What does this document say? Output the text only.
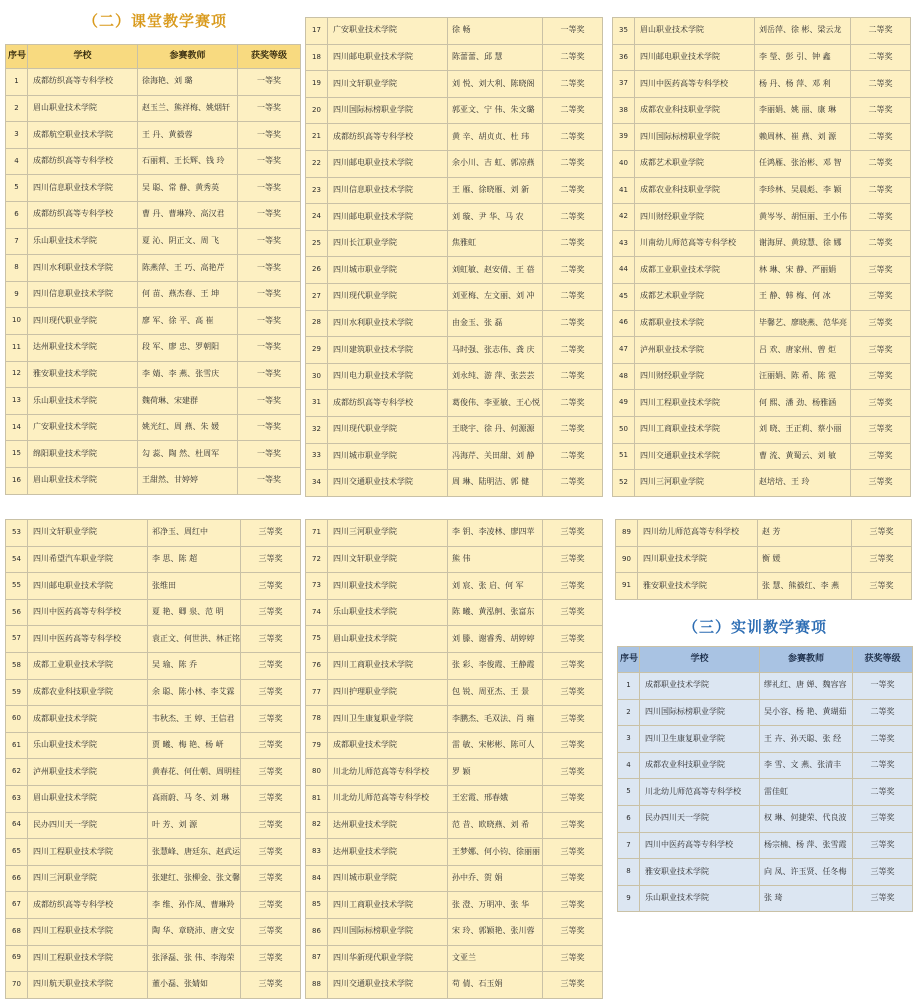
（二）课堂教学赛项
（三）实训教学赛项
序号	学校	参赛教师	获奖等级
1	成都纺织高等专科学校	徐海艳、刘 璐	一等奖
2	眉山职业技术学院	赵玉兰、熊祥梅、姚烟轩	一等奖
3	成都航空职业技术学院	王 丹、黄毅蓉	一等奖
4	成都纺织高等专科学校	石丽莉、王长辉、钱 玲	一等奖
5	四川信息职业技术学院	吴 聪、常 静、黄秀英	一等奖
6	成都纺织高等专科学校	曹 丹、曹琳羚、高汉君	一等奖
7	乐山职业技术学院	夏 沁、阴正文、周 飞	一等奖
8	四川水利职业技术学院	陈燕萍、王 巧、高艳芹	一等奖
9	四川信息职业技术学院	何 苗、燕杰春、王 坤	一等奖
10	四川现代职业学院	廖 军、徐 平、高 崔	一等奖
11	达州职业技术学院	段 军、廖 忠、罗朝阳	一等奖
12	雅安职业技术学院	李 婧、李 燕、张雪庆	一等奖
13	乐山职业技术学院	魏荷琳、宋建群	一等奖
14	广安职业技术学院	姚光红、周 燕、朱 媛	一等奖
15	绵阳职业技术学院	勾 蕊、陶 然、杜周军	一等奖
16	眉山职业技术学院	王甜然、甘婷婷	一等奖
17	广安职业技术学院	徐 畅	一等奖
18	四川邮电职业技术学院	陈蕾蕾、邱 慧	二等奖
19	四川文轩职业学院	刘 悦、刘大利、陈晓阁	二等奖
20	四川国际标榜职业学院	郭亚文、宁 伟、朱文璐	二等奖
21	成都纺织高等专科学校	黄 辛、胡贞贞、杜 玮	二等奖
22	四川邮电职业技术学院	余小川、吉 虹、郭凉燕	二等奖
23	四川信息职业技术学院	王 雁、徐晓雁、刘 新	二等奖
24	四川邮电职业技术学院	刘 璇、尹 华、马 农	二等奖
25	四川长江职业学院	焦雅虹	二等奖
26	四川城市职业学院	刘虹敏、赵安倩、王 蓓	二等奖
27	四川现代职业学院	刘亚梅、左文丽、刘 冲	二等奖
28	四川水利职业技术学院	由金玉、张 磊	二等奖
29	四川建筑职业技术学院	马时强、张志伟、龚 庆	二等奖
30	四川电力职业技术学院	刘永纯、游 萍、张芸芸	二等奖
31	成都纺织高等专科学校	葛俊伟、李亚敏、王心悦	二等奖
32	四川现代职业学院	王晓宇、徐 丹、何源源	二等奖
33	四川城市职业学院	冯海芹、关田甜、刘 静	二等奖
34	四川交通职业技术学院	周 琳、陆明洁、郭 健	二等奖
35	眉山职业技术学院	刘岳萍、徐 彬、梁云龙	二等奖
36	四川邮电职业技术学院	李 瑩、彭 引、钟 鑫	二等奖
37	四川中医药高等专科学校	杨 丹、杨 萍、邓 利	二等奖
38	成都农业科技职业学院	李丽娟、姚 丽、康 琳	二等奖
39	四川国际标榜职业学院	赖周林、崔 燕、刘 源	二等奖
40	成都艺术职业学院	任鸿雁、张治彬、邓 智	二等奖
41	成都农业科技职业学院	李珍林、吴晨彪、李 颖	二等奖
42	四川财经职业学院	黄岑岑、胡恒丽、王小伟	二等奖
43	川南幼儿师范高等专科学校	谢海屏、黄琼慧、徐 娜	二等奖
44	成都工业职业技术学院	林 琳、宋 静、严丽娟	三等奖
45	成都艺术职业学院	王 静、韩 梅、何 冰	三等奖
46	成都职业技术学院	毕馨艺、廖晓燕、范华亮	三等奖
47	泸州职业技术学院	吕 欢、唐家州、曾 炬	三等奖
48	四川财经职业学院	汪丽娟、陈 希、陈 霓	三等奖
49	四川工程职业技术学院	何 熙、潘 劲、杨雅涵	三等奖
50	四川工商职业技术学院	刘 晓、王正莉、蔡小丽	三等奖
51	四川交通职业技术学院	曹 流、黄蜀云、刘 敏	三等奖
52	四川三河职业学院	赵培培、王 玲	三等奖
53	四川文轩职业学院	祁净玉、周红中	三等奖
54	四川希望汽车职业学院	李 思、陈 超	三等奖
55	四川邮电职业技术学院	张维田	三等奖
56	四川中医药高等专科学校	夏 艳、卿 泉、范 明	三等奖
57	四川中医药高等专科学校	袁正文、何世洪、林正铭	三等奖
58	成都工业职业技术学院	吴 瑜、陈 乔	三等奖
59	成都农业科技职业学院	余 聪、陈小林、李艾霖	三等奖
60	成都职业技术学院	韦秋杰、王 婷、王信君	三等奖
61	乐山职业技术学院	贾 曦、梅 艳、杨 岍	三等奖
62	泸州职业技术学院	黄春花、何仕朝、周明桂	三等奖
63	眉山职业技术学院	高雨蔚、马 冬、刘 琳	三等奖
64	民办四川天一学院	叶 芳、刘 源	三等奖
65	四川工程职业技术学院	张慧峰、唐廷东、赵武运	三等奖
66	四川三河职业学院	张建红、张柳金、张文馨	三等奖
67	成都纺织高等专科学校	李 维、孙作凤、曹琳羚	三等奖
68	四川工程职业技术学院	陶 华、章晓沛、唐文安	三等奖
69	四川工程职业技术学院	张泽磊、张 伟、李海荣	三等奖
70	四川航天职业技术学院	董小磊、张婧如	三等奖
71	四川三河职业学院	李 钥、李凌林、廖四苹	三等奖
72	四川文轩职业学院	熊 伟	三等奖
73	四川职业技术学院	刘 宸、张 启、何 军	三等奖
74	乐山职业技术学院	陈 曦、黄泓舸、张富东	三等奖
75	眉山职业技术学院	刘 滕、谢睿秀、胡婷婷	三等奖
76	四川工商职业技术学院	张 彩、李俊霞、王静霞	三等奖
77	四川护理职业学院	包 锐、周亚杰、王 景	三等奖
78	四川卫生康复职业学院	李鹏杰、毛双法、肖 雍	三等奖
79	成都职业技术学院	雷 敏、宋彬彬、陈可人	三等奖
80	川北幼儿师范高等专科学校	罗 颖	三等奖
81	川北幼儿师范高等专科学校	王宏霞、邢春娥	三等奖
82	达州职业技术学院	范 昔、欧晓燕、刘 希	三等奖
83	达州职业技术学院	王梦娜、何小钧、徐丽丽	三等奖
84	四川城市职业学院	孙中乔、贺 娟	三等奖
85	四川工商职业技术学院	张 澄、万明冲、张 华	三等奖
86	四川国际标榜职业学院	宋 玲、郭颖艳、张川蓉	三等奖
87	四川华新现代职业学院	文亚兰	三等奖
88	四川交通职业技术学院	苟 倩、石玉娟	三等奖
89	四川幼儿师范高等专科学校	赵 芳	三等奖
90	四川职业技术学院	衡 媛	三等奖
91	雅安职业技术学院	张 慧、熊毅红、李 燕	三等奖
序号	学校	参赛教师	获奖等级
1	成都职业技术学院	缪礼红、唐 婵、魏容容	一等奖
2	四川国际标榜职业学院	吴小容、杨 艳、黄瑚茹	二等奖
3	四川卫生康复职业学院	王 卉、孙天聪、张 经	二等奖
4	成都农业科技职业学院	李 雪、文 燕、张清丰	二等奖
5	川北幼儿师范高等专科学校	雷佳虹	二等奖
6	民办四川天一学院	权 琳、何捷荣、代良波	三等奖
7	四川中医药高等专科学校	杨宗楠、杨 萍、张雪霞	三等奖
8	雅安职业技术学院	向 凤、许玉贤、任冬梅	三等奖
9	乐山职业技术学院	张 琦	三等奖
